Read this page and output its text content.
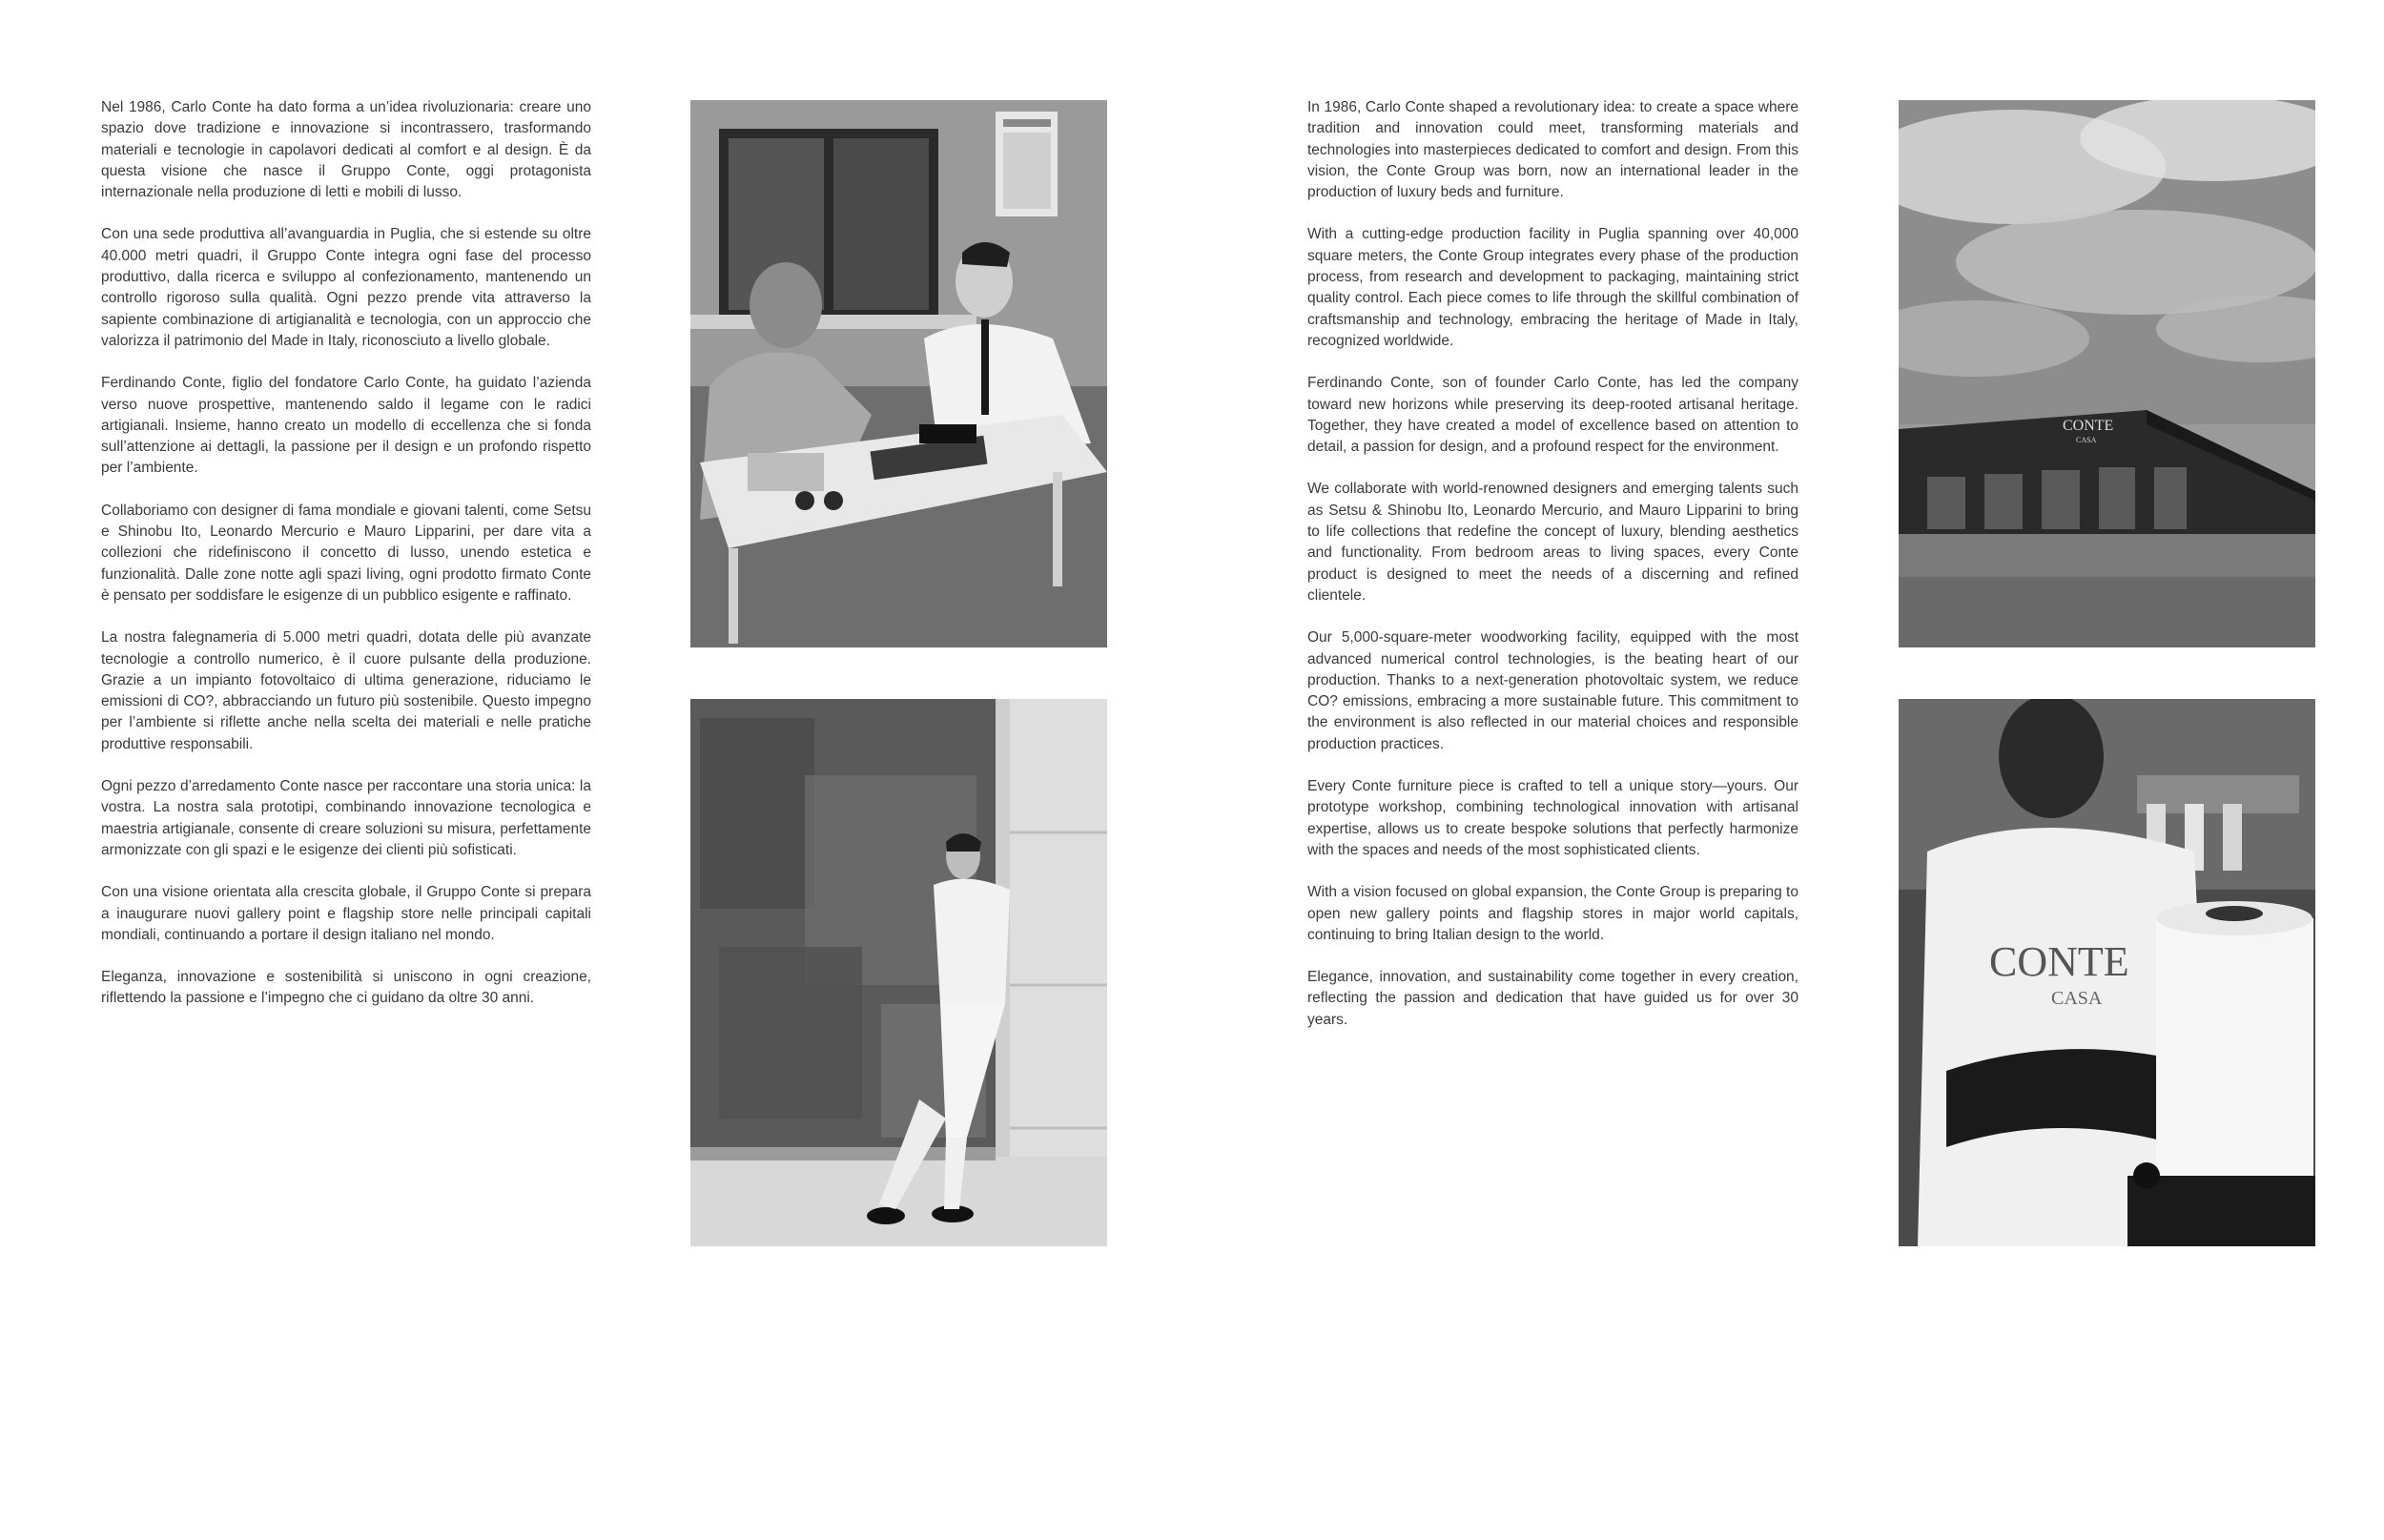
Nel 1986, Carlo Conte ha dato forma a un’idea rivoluzionaria: creare uno spazio dove tradizione e innovazione si incontrassero, trasformando materiali e tecnologie in capolavori dedicati al comfort e al design. È da questa visione che nasce il Gruppo Conte, oggi protagonista internazionale nella produzione di letti e mobili di lusso.

Con una sede produttiva all’avanguardia in Puglia, che si estende su oltre 40.000 metri quadri, il Gruppo Conte integra ogni fase del processo produttivo, dalla ricerca e sviluppo al confezionamento, mantenendo un controllo rigoroso sulla qualità. Ogni pezzo prende vita attraverso la sapiente combinazione di artigianalità e tecnologia, con un approccio che valorizza il patrimonio del Made in Italy, riconosciuto a livello globale.

Ferdinando Conte, figlio del fondatore Carlo Conte, ha guidato l’azienda verso nuove prospettive, mantenendo saldo il legame con le radici artigianali. Insieme, hanno creato un modello di eccellenza che si fonda sull’attenzione ai dettagli, la passione per il design e un profondo rispetto per l’ambiente.

Collaboriamo con designer di fama mondiale e giovani talenti, come Setsu e Shinobu Ito, Leonardo Mercurio e Mauro Lipparini, per dare vita a collezioni che ridefiniscono il concetto di lusso, unendo estetica e funzionalità. Dalle zone notte agli spazi living, ogni prodotto firmato Conte è pensato per soddisfare le esigenze di un pubblico esigente e raffinato.

La nostra falegnameria di 5.000 metri quadri, dotata delle più avanzate tecnologie a controllo numerico, è il cuore pulsante della produzione. Grazie a un impianto fotovoltaico di ultima generazione, riduciamo le emissioni di CO?, abbracciando un futuro più sostenibile. Questo impegno per l’ambiente si riflette anche nella scelta dei materiali e nelle pratiche produttive responsabili.

Ogni pezzo d’arredamento Conte nasce per raccontare una storia unica: la vostra. La nostra sala prototipi, combinando innovazione tecnologica e maestria artigianale, consente di creare soluzioni su misura, perfettamente armonizzate con gli spazi e le esigenze dei clienti più sofisticati.

Con una visione orientata alla crescita globale, il Gruppo Conte si prepara a inaugurare nuovi gallery point e flagship store nelle principali capitali mondiali, continuando a portare il design italiano nel mondo.

Eleganza, innovazione e sostenibilità si uniscono in ogni creazione, riflettendo la passione e l’impegno che ci guidano da oltre 30 anni.

In 1986, Carlo Conte shaped a revolutionary idea: to create a space where tradition and innovation could meet, transforming materials and technologies into masterpieces dedicated to comfort and design. From this vision, the Conte Group was born, now an international leader in the production of luxury beds and furniture.

With a cutting-edge production facility in Puglia spanning over 40,000 square meters, the Conte Group integrates every phase of the production process, from research and development to packaging, maintaining strict quality control. Each piece comes to life through the skillful combination of craftsmanship and technology, embracing the heritage of Made in Italy, recognized worldwide.

Ferdinando Conte, son of founder Carlo Conte, has led the company toward new horizons while preserving its deep-rooted artisanal heritage. Together, they have created a model of excellence based on attention to detail, a passion for design, and a profound respect for the environment.

We collaborate with world-renowned designers and emerging talents such as Setsu & Shinobu Ito, Leonardo Mercurio, and Mauro Lipparini to bring to life collections that redefine the concept of luxury, blending aesthetics and functionality. From bedroom areas to living spaces, every Conte product is designed to meet the needs of a discerning and refined clientele.

Our 5,000-square-meter woodworking facility, equipped with the most advanced numerical control technologies, is the beating heart of our production. Thanks to a next-generation photovoltaic system, we reduce CO? emissions, embracing a more sustainable future. This commitment to the environment is also reflected in our material choices and responsible production practices.

Every Conte furniture piece is crafted to tell a unique story—yours. Our prototype workshop, combining technological innovation with artisanal expertise, allows us to create bespoke solutions that perfectly harmonize with the spaces and needs of the most sophisticated clients.

With a vision focused on global expansion, the Conte Group is preparing to open new gallery points and flagship stores in major world capitals, continuing to bring Italian design to the world.

Elegance, innovation, and sustainability come together in every creation, reflecting the passion and dedication that have guided us for over 30 years.

CONTE
CASA
CONTE
CASA
